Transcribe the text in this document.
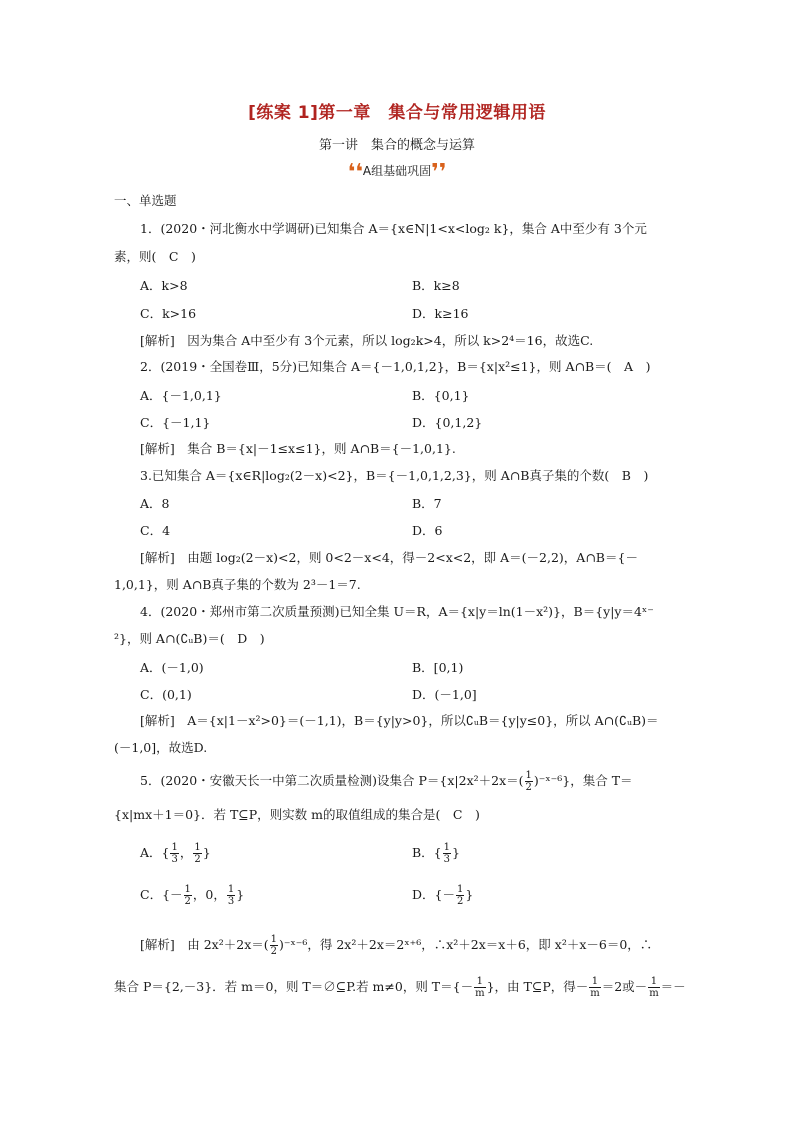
[练案 1]第一章　集合与常用逻辑用语
第一讲　集合的概念与运算
❛❛A组基础巩固❜❜
一、单选题
1．(2020・河北衡水中学调研)已知集合 A＝{x∈N|1<x<log₂ k}，集合 A中至少有 3个元
素，则(　C　)
A．k>8	B．k≥8
C．k>16	D．k≥16
[解析]　因为集合 A中至少有 3个元素，所以 log₂k>4，所以 k>2⁴＝16，故选C.
2．(2019・全国卷Ⅲ，5分)已知集合 A＝{－1,0,1,2}，B＝{x|x²≤1}，则 A∩B＝(　A　)
A．{－1,0,1}	B．{0,1}
C．{－1,1}	D．{0,1,2}
[解析]　集合 B＝{x|－1≤x≤1}，则 A∩B＝{－1,0,1}.
3.已知集合 A＝{x∈R|log₂(2－x)<2}，B＝{－1,0,1,2,3}，则 A∩B真子集的个数(　B　)
A．8	B．7
C．4	D．6
[解析]　由题 log₂(2－x)<2，则 0<2－x<4，得－2<x<2，即 A＝(－2,2)，A∩B＝{－
1,0,1}，则 A∩B真子集的个数为 2³－1＝7.
4．(2020・郑州市第二次质量预测)已知全集 U＝R，A＝{x|y＝ln(1－x²)}，B＝{y|y＝4ˣ⁻
²}，则 A∩(∁ᵤB)＝(　D　)
A．(－1,0)	B．[0,1)
C．(0,1)	D．(－1,0]
[解析]　A＝{x|1－x²>0}＝(－1,1)，B＝{y|y>0}，所以∁ᵤB＝{y|y≤0}，所以 A∩(∁ᵤB)＝
(－1,0]，故选D.
5．(2020・安徽天长一中第二次质量检测)设集合 $P=\{x|2x^2+2x=( \frac{1}{2}$ )⁻ˣ⁻⁶}，集合 T＝
{x|mx＋1＝0}．若 T⊆P，则实数 m的取值组成的集合是(　C　)
A．{ $\frac{1}{3}$ ， $\frac{1}{2}$ }	B．{ $\frac{1}{3}$ }
C．{－ $\frac{1}{2}$ ，0， $\frac{1}{3}$ }	D．{－ $\frac{1}{2}$ }
[解析]　由 $2x^2+2x=( \frac{1}{2}$ )⁻ˣ⁻⁶，得 2x²＋2x＝2ˣ⁺⁶，∴x²＋2x＝x＋6，即 x²＋x－6＝0，∴
集合 P＝{2,－3}．若 m＝0，则 T＝∅⊆P.若 m≠0，则 $T=\{- \frac{1}{m}$ }，由 T⊆P，得－ $\frac{1}{m} =2$或－ $\frac{1}{m}$ ＝－
